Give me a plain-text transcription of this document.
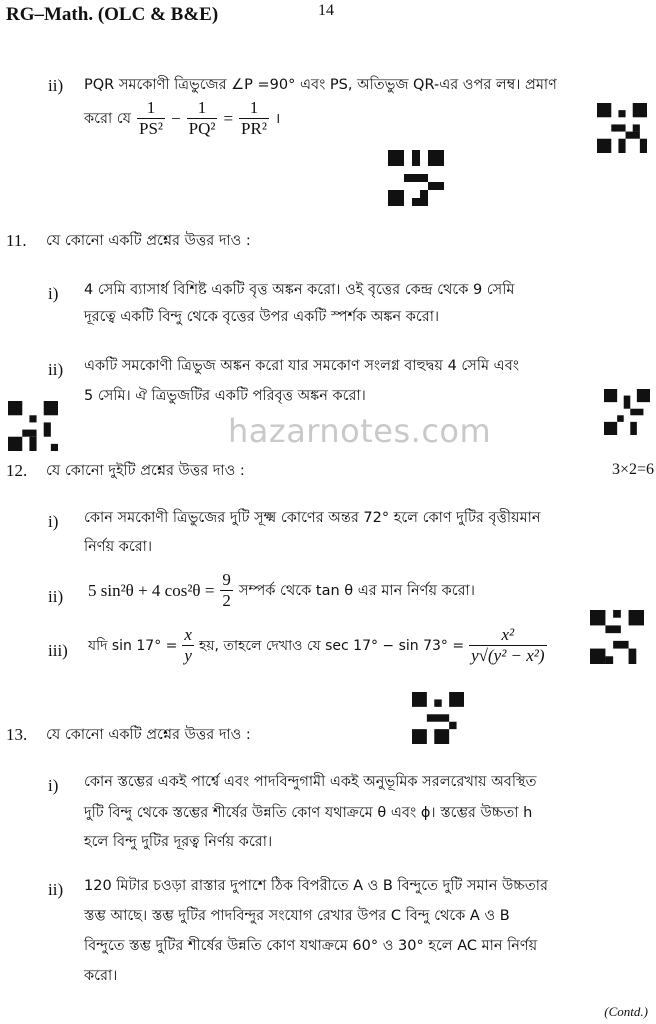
RG–Math. (OLC & B&E)	14
ii) PQR সমকোণী ত্রিভুজের ∠P =90° এবং PS, অতিভুজ QR-এর ওপর লম্ব। প্রমাণ
করো যে $\frac{1}{\text{PS²}} - \frac{1}{\text{PQ²}} = \frac{1}{\text{PR²}}$ ।
11. যে কোনো একটি প্রশ্নের উত্তর দাও :
i) 4 সেমি ব্যাসার্ধ বিশিষ্ট একটি বৃত্ত অঙ্কন করো। ওই বৃত্তের কেন্দ্র থেকে 9 সেমি
দূরত্বে একটি বিন্দু থেকে বৃত্তের উপর একটি স্পর্শক অঙ্কন করো।
ii) একটি সমকোণী ত্রিভুজ অঙ্কন করো যার সমকোণ সংলগ্ন বাহুদ্বয় 4 সেমি এবং
5 সেমি। ঐ ত্রিভুজটির একটি পরিবৃত্ত অঙ্কন করো।
hazarnotes.com
12. যে কোনো দুইটি প্রশ্নের উত্তর দাও :	3×2=6
i) কোন সমকোণী ত্রিভুজের দুটি সূক্ষ্ম কোণের অন্তর 72° হলে কোণ দুটির বৃত্তীয়মান
নির্ণয় করো।
ii) 5 sin²θ + 4 $\cos^2\theta = \frac{9}{2}$ সম্পর্ক থেকে tan θ এর মান নির্ণয় করো।
iii) যদি $\sin 17^\circ = \frac{x}{y}$ হয়, তাহলে দেখাও যে $\sec 17^\circ - \sin 73^\circ = \frac{\text{x²}}{\text{y√(y² − x²)}}$
13. যে কোনো একটি প্রশ্নের উত্তর দাও :
i) কোন স্তম্ভের একই পার্শ্বে এবং পাদবিন্দুগামী একই অনুভূমিক সরলরেখায় অবস্থিত
দুটি বিন্দু থেকে স্তম্ভের শীর্ষের উন্নতি কোণ যথাক্রমে θ এবং ϕ। স্তম্ভের উচ্চতা h
হলে বিন্দু দুটির দূরত্ব নির্ণয় করো।
ii) 120 মিটার চওড়া রাস্তার দুপাশে ঠিক বিপরীতে A ও B বিন্দুতে দুটি সমান উচ্চতার
স্তম্ভ আছে। স্তম্ভ দুটির পাদবিন্দুর সংযোগ রেখার উপর C বিন্দু থেকে A ও B
বিন্দুতে স্তম্ভ দুটির শীর্ষের উন্নতি কোণ যথাক্রমে 60° ও 30° হলে AC মান নির্ণয়
করো।
(Contd.)
